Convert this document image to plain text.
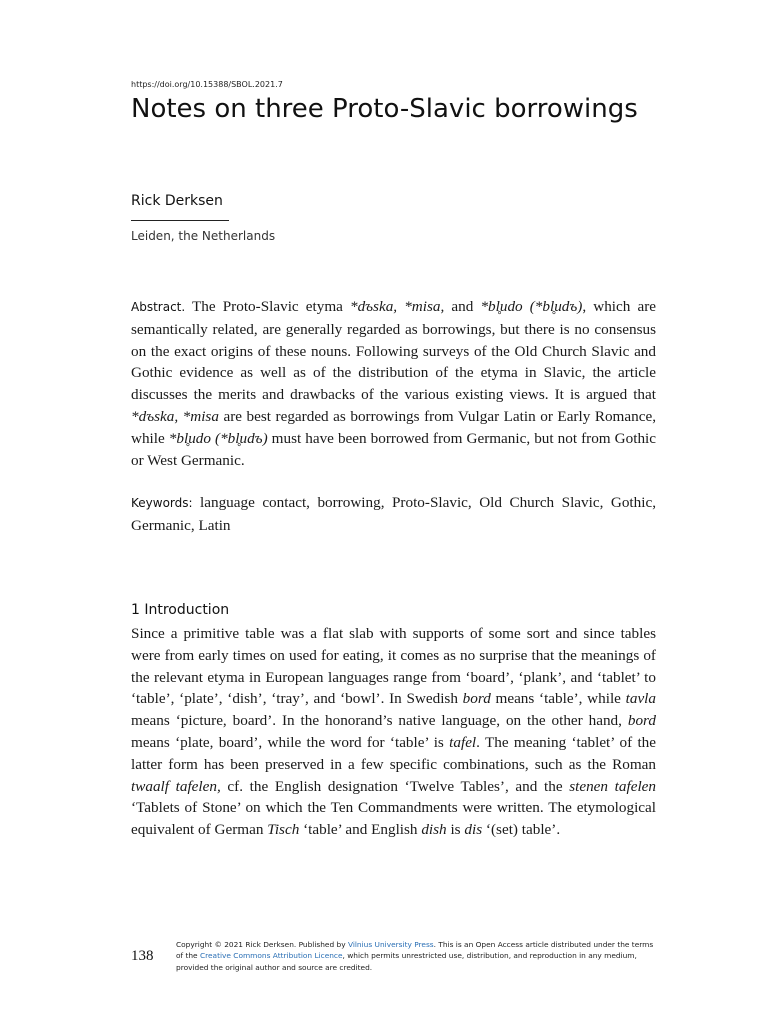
https://doi.org/10.15388/SBOL.2021.7
Notes on three Proto-Slavic borrowings
Rick Derksen
Leiden, the Netherlands

Abstract. The Proto-Slavic etyma *dъska, *misa, and *bl̥udo (*bl̥udъ), which are semantically related, are generally regarded as borrowings, but there is no consensus on the exact origins of these nouns. Following surveys of the Old Church Slavic and Gothic evidence as well as of the distribution of the etyma in Slavic, the article discusses the merits and drawbacks of the various existing views. It is argued that *dъska, *misa are best regarded as borrowings from Vulgar Latin or Early Romance, while *bl̥udo (*bl̥udъ) must have been borrowed from Germanic, but not from Gothic or West Germanic.

Keywords: language contact, borrowing, Proto-Slavic, Old Church Slavic, Gothic, Germanic, Latin

1 Introduction

Since a primitive table was a flat slab with supports of some sort and since tables were from early times on used for eating, it comes as no surprise that the meanings of the relevant etyma in European languages range from ‘board’, ‘plank’, and ‘tablet’ to ‘table’, ‘plate’, ‘dish’, ‘tray’, and ‘bowl’. In Swedish bord means ‘table’, while tavla means ‘picture, board’. In the honorand’s native language, on the other hand, bord means ‘plate, board’, while the word for ‘table’ is tafel. The meaning ‘tablet’ of the latter form has been preserved in a few specific combinations, such as the Roman twaalf tafelen, cf. the English designation ‘Twelve Tables’, and the stenen tafelen ‘Tablets of Stone’ on which the Ten Commandments were written. The etymological equivalent of German Tisch ‘table’ and English dish is dis ‘(set) table’.

138

Copyright © 2021 Rick Derksen. Published by Vilnius University Press. This is an Open Access article distributed under the terms of the Creative Commons Attribution Licence, which permits unrestricted use, distribution, and reproduction in any medium, provided the original author and source are credited.
